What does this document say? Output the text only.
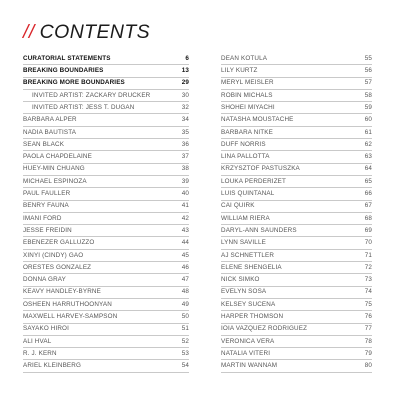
// CONTENTS
CURATORIAL STATEMENTS	6
BREAKING BOUNDARIES	13
BREAKING MORE BOUNDARIES	29
INVITED ARTIST: ZACKARY DRUCKER	30
INVITED ARTIST: JESS T. DUGAN	32
BARBARA ALPER	34
NADIA BAUTISTA	35
SEAN BLACK	36
PAOLA CHAPDELAINE	37
HUEY-MIN CHUANG	38
MICHAEL ESPINOZA	39
PAUL FAULLER	40
BENRY FAUNA	41
IMANI FORD	42
JESSE FREIDIN	43
EBENEZER GALLUZZO	44
XINYI (CINDY) GAO	45
ORESTES GONZALEZ	46
DONNA GRAY	47
KEAVY HANDLEY-BYRNE	48
OSHEEN HARRUTHOONYAN	49
MAXWELL HARVEY-SAMPSON	50
SAYAKO HIROI	51
ALI HVAL	52
R. J. KERN	53
ARIEL KLEINBERG	54
DEAN KOTULA	55
LILY KURTZ	56
MERYL MEISLER	57
ROBIN MICHALS	58
SHOHEI MIYACHI	59
NATASHA MOUSTACHE	60
BARBARA NITKE	61
DUFF NORRIS	62
LINA PALLOTTA	63
KRZYSZTOF PASTUSZKA	64
LOUKA PERDERIZET	65
LUIS QUINTANAL	66
CAI QUIRK	67
WILLIAM RIERA	68
DARYL-ANN SAUNDERS	69
LYNN SAVILLE	70
AJ SCHNETTLER	71
ELENE SHENGELIA	72
NICK SIMKO	73
EVELYN SOSA	74
KELSEY SUCENA	75
HARPER THOMSON	76
IOIA VAZQUEZ RODRIGUEZ	77
VERONICA VERA	78
NATALIA VITERI	79
MARTIN WANNAM	80
